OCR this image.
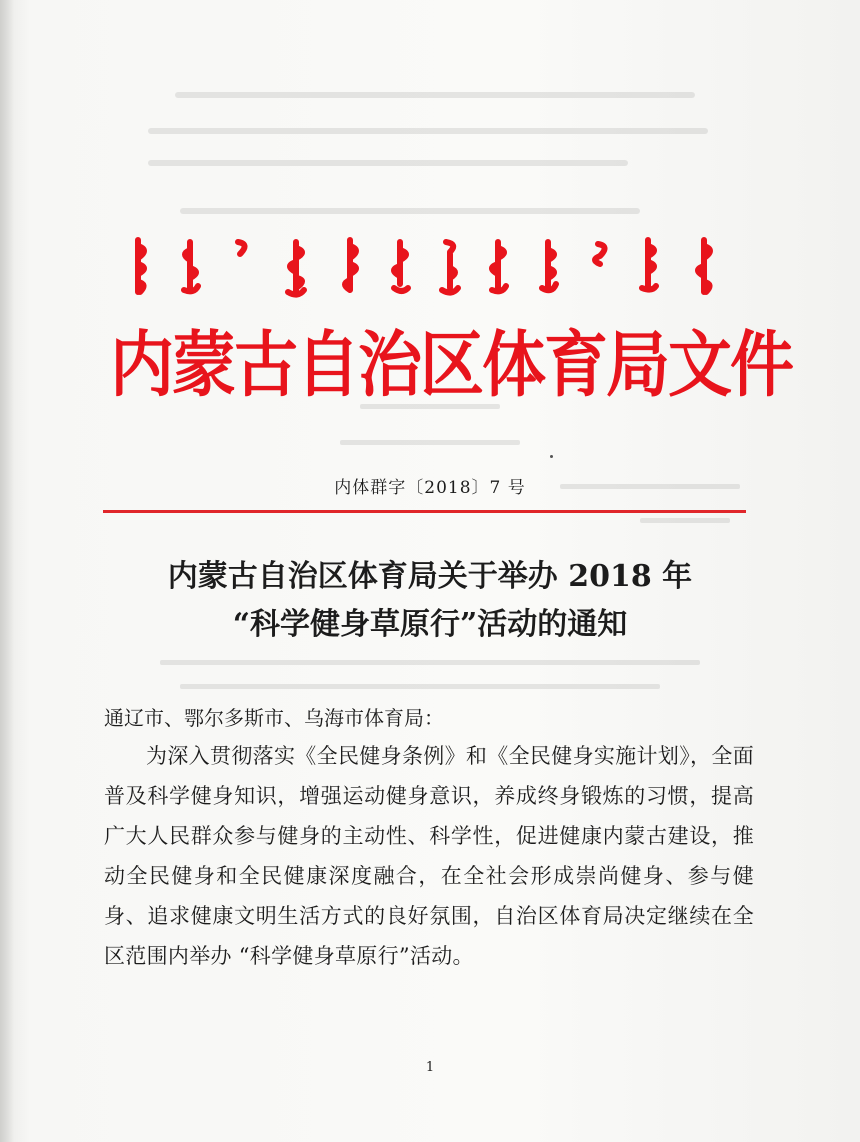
内蒙古自治区体育局文件
内体群字〔2018〕7 号
内蒙古自治区体育局关于举办 2018 年
“科学健身草原行”活动的通知
通辽市、鄂尔多斯市、乌海市体育局：
为深入贯彻落实《全民健身条例》和《全民健身实施计划》，全面普及科学健身知识，增强运动健身意识，养成终身锻炼的习惯，提高广大人民群众参与健身的主动性、科学性，促进健康内蒙古建设，推动全民健身和全民健康深度融合，在全社会形成崇尚健身、参与健身、追求健康文明生活方式的良好氛围，自治区体育局决定继续在全区范围内举办 “科学健身草原行”活动。
1
